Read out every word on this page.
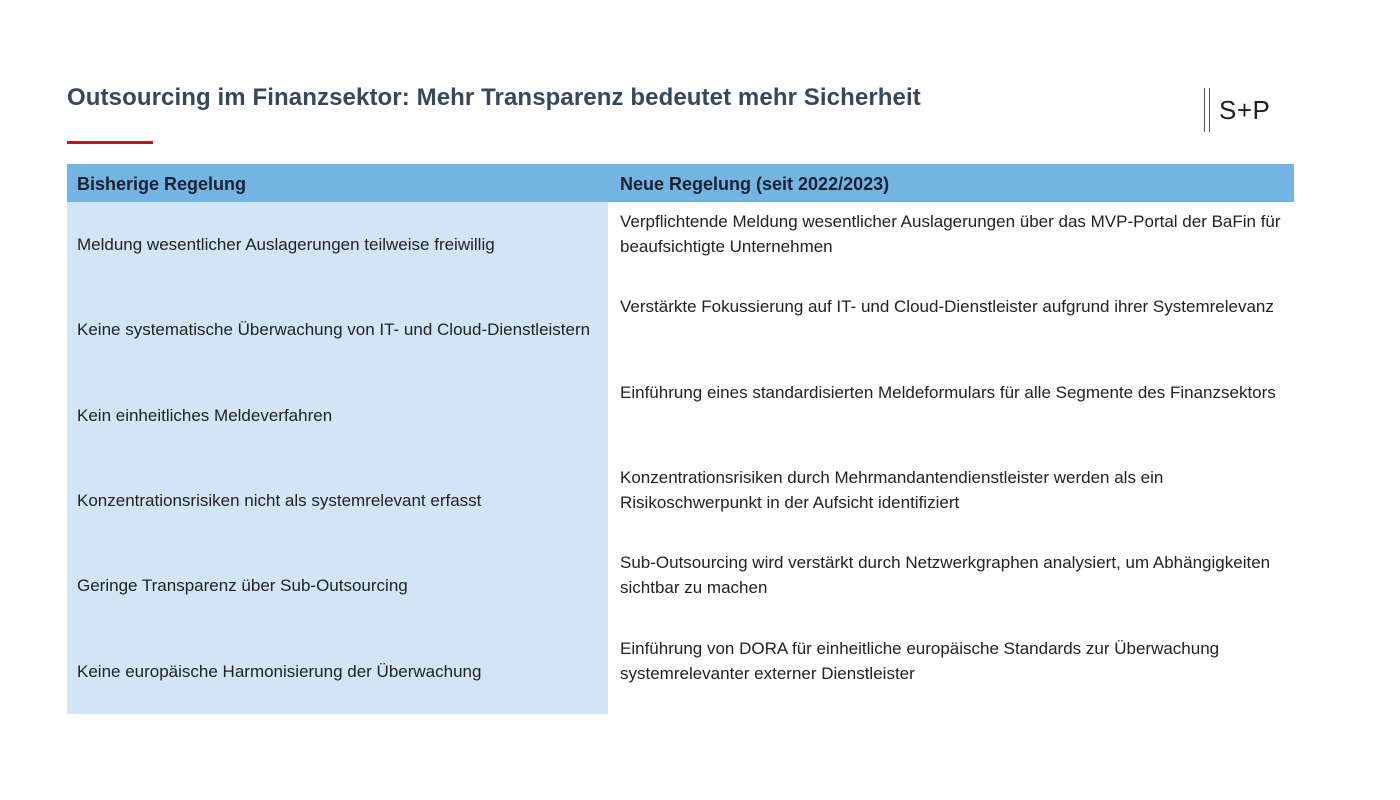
Outsourcing im Finanzsektor: Mehr Transparenz bedeutet mehr Sicherheit	S+P
Bisherige Regelung	Neue Regelung (seit 2022/2023)
Meldung wesentlicher Auslagerungen teilweise freiwillig
Verpflichtende Meldung wesentlicher Auslagerungen über das MVP-Portal der BaFin für beaufsichtigte Unternehmen
Keine systematische Überwachung von IT- und Cloud-Dienstleistern
Verstärkte Fokussierung auf IT- und Cloud-Dienstleister aufgrund ihrer Systemrelevanz
Kein einheitliches Meldeverfahren
Einführung eines standardisierten Meldeformulars für alle Segmente des Finanzsektors
Konzentrationsrisiken nicht als systemrelevant erfasst
Konzentrationsrisiken durch Mehrmandantendienstleister werden als ein Risikoschwerpunkt in der Aufsicht identifiziert
Geringe Transparenz über Sub-Outsourcing
Sub-Outsourcing wird verstärkt durch Netzwerkgraphen analysiert, um Abhängigkeiten sichtbar zu machen
Keine europäische Harmonisierung der Überwachung
Einführung von DORA für einheitliche europäische Standards zur Überwachung systemrelevanter externer Dienstleister
